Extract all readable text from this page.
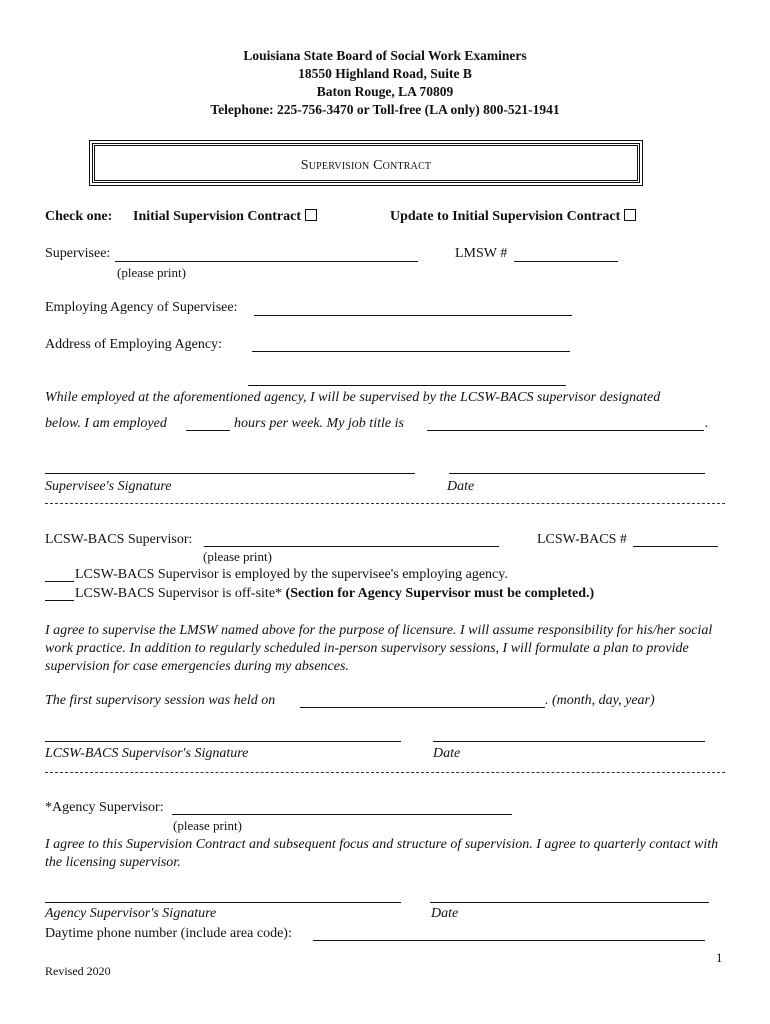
Louisiana State Board of Social Work Examiners
18550 Highland Road, Suite B
Baton Rouge, LA 70809
Telephone: 225-756-3470 or Toll-free (LA only) 800-521-1941
Supervision Contract
Check one: Initial Supervision Contract	Update to Initial Supervision Contract
Supervisee:
(please print)
LMSW #
Employing Agency of Supervisee:
Address of Employing Agency:
While employed at the aforementioned agency, I will be supervised by the LCSW-BACS supervisor designated
below. I am employed	hours per week. My job title is	.
Supervisee's Signature	Date
LCSW-BACS Supervisor:
(please print)
LCSW-BACS #
LCSW-BACS Supervisor is employed by the supervisee's employing agency.
LCSW-BACS Supervisor is off-site* (Section for Agency Supervisor must be completed.)
I agree to supervise the LMSW named above for the purpose of licensure. I will assume responsibility for his/her social work practice. In addition to regularly scheduled in-person supervisory sessions, I will formulate a plan to provide supervision for case emergencies during my absences.
The first supervisory session was held on	. (month, day, year)
LCSW-BACS Supervisor's Signature	Date
*Agency Supervisor:
(please print)
I agree to this Supervision Contract and subsequent focus and structure of supervision. I agree to quarterly contact with the licensing supervisor.
Agency Supervisor's Signature	Date
Daytime phone number (include area code):
1
Revised 2020
